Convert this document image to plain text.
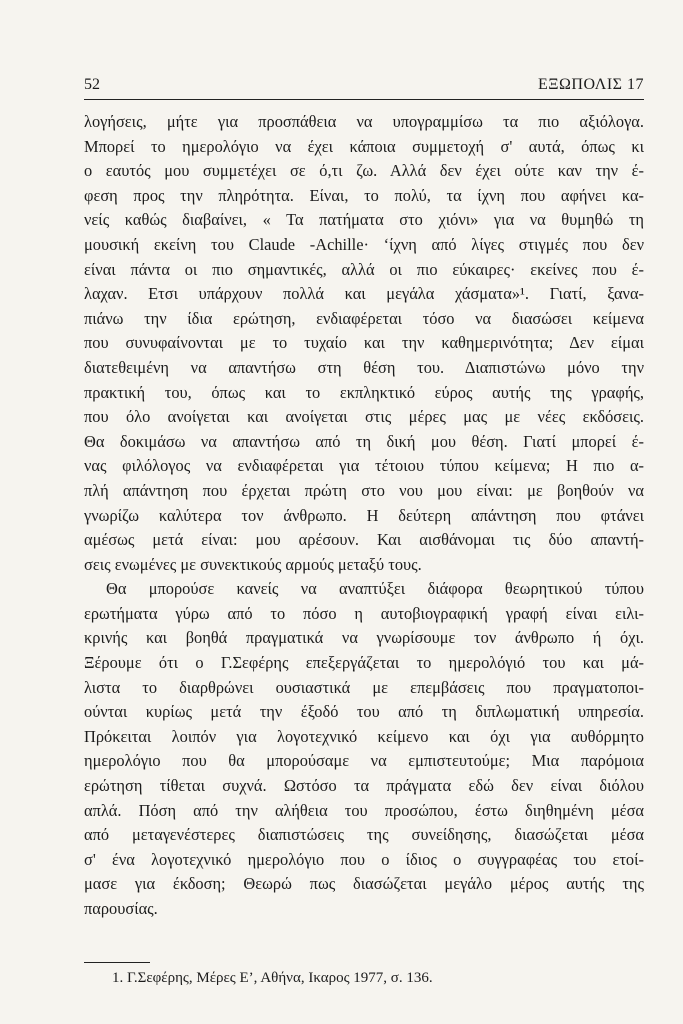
52	ΕΞΩΠΟΛΙΣ 17
λογήσεις, μήτε για προσπάθεια να υπογραμμίσω τα πιο αξιόλογα.
Μπορεί το ημερολόγιο να έχει κάποια συμμετοχή σ' αυτά, όπως κι
ο εαυτός μου συμμετέχει σε ό,τι ζω. Αλλά δεν έχει ούτε καν την έ-
φεση προς την πληρότητα. Είναι, το πολύ, τα ίχνη που αφήνει κα-
νείς καθώς διαβαίνει, « Τα πατήματα στο χιόνι» για να θυμηθώ τη
μουσική εκείνη του Claude -Achille· ‘ίχνη από λίγες στιγμές που δεν
είναι πάντα οι πιο σημαντικές, αλλά οι πιο εύκαιρες· εκείνες που έ-
λαχαν. Ετσι υπάρχουν πολλά και μεγάλα χάσματα»¹. Γιατί, ξανα-
πιάνω την ίδια ερώτηση, ενδιαφέρεται τόσο να διασώσει κείμενα
που συνυφαίνονται με το τυχαίο και την καθημερινότητα; Δεν είμαι
διατεθειμένη να απαντήσω στη θέση του. Διαπιστώνω μόνο την
πρακτική του, όπως και το εκπληκτικό εύρος αυτής της γραφής,
που όλο ανοίγεται και ανοίγεται στις μέρες μας με νέες εκδόσεις.
Θα δοκιμάσω να απαντήσω από τη δική μου θέση. Γιατί μπορεί έ-
νας φιλόλογος να ενδιαφέρεται για τέτοιου τύπου κείμενα; Η πιο α-
πλή απάντηση που έρχεται πρώτη στο νου μου είναι: με βοηθούν να
γνωρίζω καλύτερα τον άνθρωπο. Η δεύτερη απάντηση που φτάνει
αμέσως μετά είναι: μου αρέσουν. Και αισθάνομαι τις δύο απαντή-
σεις ενωμένες με συνεκτικούς αρμούς μεταξύ τους.
Θα μπορούσε κανείς να αναπτύξει διάφορα θεωρητικού τύπου
ερωτήματα γύρω από το πόσο η αυτοβιογραφική γραφή είναι ειλι-
κρινής και βοηθά πραγματικά να γνωρίσουμε τον άνθρωπο ή όχι.
Ξέρουμε ότι ο Γ.Σεφέρης επεξεργάζεται το ημερολόγιό του και μά-
λιστα το διαρθρώνει ουσιαστικά με επεμβάσεις που πραγματοποι-
ούνται κυρίως μετά την έξοδό του από τη διπλωματική υπηρεσία.
Πρόκειται λοιπόν για λογοτεχνικό κείμενο και όχι για αυθόρμητο
ημερολόγιο που θα μπορούσαμε να εμπιστευτούμε; Μια παρόμοια
ερώτηση τίθεται συχνά. Ωστόσο τα πράγματα εδώ δεν είναι διόλου
απλά. Πόση από την αλήθεια του προσώπου, έστω διηθημένη μέσα
από μεταγενέστερες διαπιστώσεις της συνείδησης, διασώζεται μέσα
σ' ένα λογοτεχνικό ημερολόγιο που ο ίδιος ο συγγραφέας του ετοί-
μασε για έκδοση; Θεωρώ πως διασώζεται μεγάλο μέρος αυτής της
παρουσίας.
1. Γ.Σεφέρης, Μέρες Ε’, Αθήνα, Ικαρος 1977, σ. 136.
